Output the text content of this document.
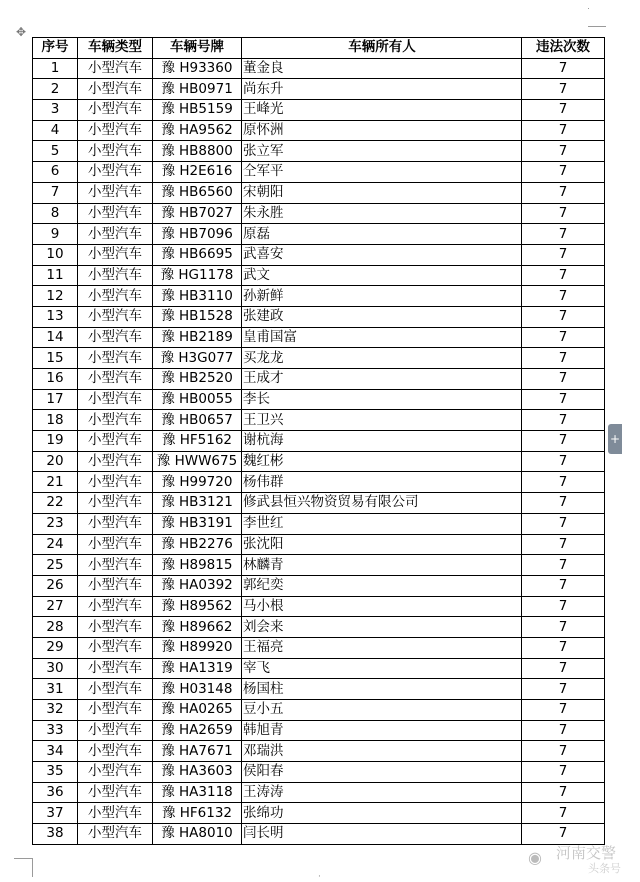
✥
+
序号	车辆类型	车辆号牌	车辆所有人	违法次数
1	小型汽车	豫 H93360	董金良	7
2	小型汽车	豫 HB0971	尚东升	7
3	小型汽车	豫 HB5159	王峰光	7
4	小型汽车	豫 HA9562	原怀洲	7
5	小型汽车	豫 HB8800	张立军	7
6	小型汽车	豫 H2E616	仝军平	7
7	小型汽车	豫 HB6560	宋朝阳	7
8	小型汽车	豫 HB7027	朱永胜	7
9	小型汽车	豫 HB7096	原磊	7
10	小型汽车	豫 HB6695	武喜安	7
11	小型汽车	豫 HG1178	武文	7
12	小型汽车	豫 HB3110	孙新鲜	7
13	小型汽车	豫 HB1528	张建政	7
14	小型汽车	豫 HB2189	皇甫国富	7
15	小型汽车	豫 H3G077	买龙龙	7
16	小型汽车	豫 HB2520	王成才	7
17	小型汽车	豫 HB0055	李长	7
18	小型汽车	豫 HB0657	王卫兴	7
19	小型汽车	豫 HF5162	谢杭海	7
20	小型汽车	豫 HWW675	魏红彬	7
21	小型汽车	豫 H99720	杨伟群	7
22	小型汽车	豫 HB3121	修武县恒兴物资贸易有限公司	7
23	小型汽车	豫 HB3191	李世红	7
24	小型汽车	豫 HB2276	张沈阳	7
25	小型汽车	豫 H89815	林麟青	7
26	小型汽车	豫 HA0392	郭纪奕	7
27	小型汽车	豫 H89562	马小根	7
28	小型汽车	豫 H89662	刘会来	7
29	小型汽车	豫 H89920	王福亮	7
30	小型汽车	豫 HA1319	宰飞	7
31	小型汽车	豫 H03148	杨国柱	7
32	小型汽车	豫 HA0265	豆小五	7
33	小型汽车	豫 HA2659	韩旭青	7
34	小型汽车	豫 HA7671	邓瑞洪	7
35	小型汽车	豫 HA3603	侯阳春	7
36	小型汽车	豫 HA3118	王涛涛	7
37	小型汽车	豫 HF6132	张绵功	7
38	小型汽车	豫 HA8010	闫长明	7
◉ 河南交警
头条号
·
